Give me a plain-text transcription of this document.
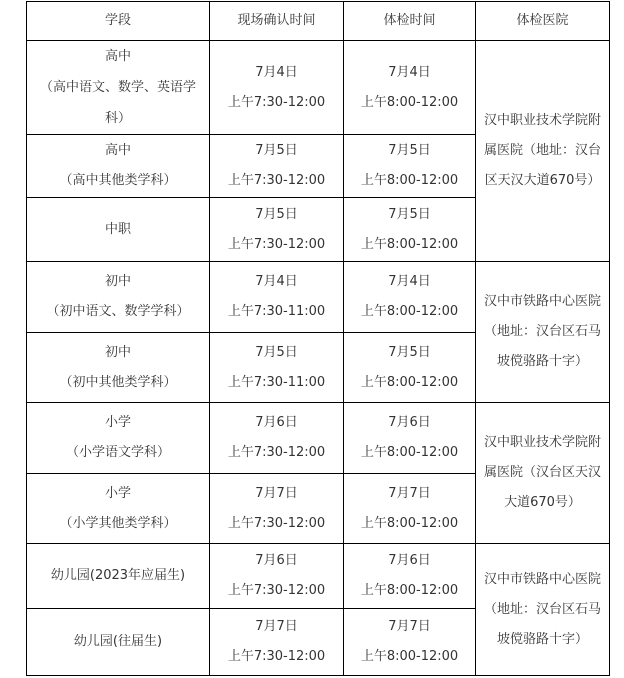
学段	现场确认时间	体检时间	体检医院

高中
（高中语文、数学、英语学
科）	7月4日
上午7:30-12:00	7月4日
上午8:00-12:00	汉中职业技术学院附
属医院（地址：汉台
区天汉大道670号）

高中
（高中其他类学科）	7月5日
上午7:30-12:00	7月5日
上午8:00-12:00	

中职	7月5日
上午7:30-12:00	7月5日
上午8:00-12:00	

初中
（初中语文、数学学科）	7月4日
上午7:30-11:00	7月4日
上午8:00-12:00	汉中市铁路中心医院
（地址：汉台区石马
坡傥骆路十字）

初中
（初中其他类学科）	7月5日
上午7:30-11:00	7月5日
上午8:00-12:00	

小学
（小学语文学科）	7月6日
上午7:30-12:00	7月6日
上午8:00-12:00	汉中职业技术学院附
属医院（汉台区天汉
大道670号）

小学
（小学其他类学科）	7月7日
上午7:30-12:00	7月7日
上午8:00-12:00	

幼儿园(2023年应届生)	7月6日
上午7:30-12:00	7月6日
上午8:00-12:00	汉中市铁路中心医院
（地址：汉台区石马
坡傥骆路十字）

幼儿园(往届生)	7月7日
上午7:30-12:00	7月7日
上午8:00-12:00	
